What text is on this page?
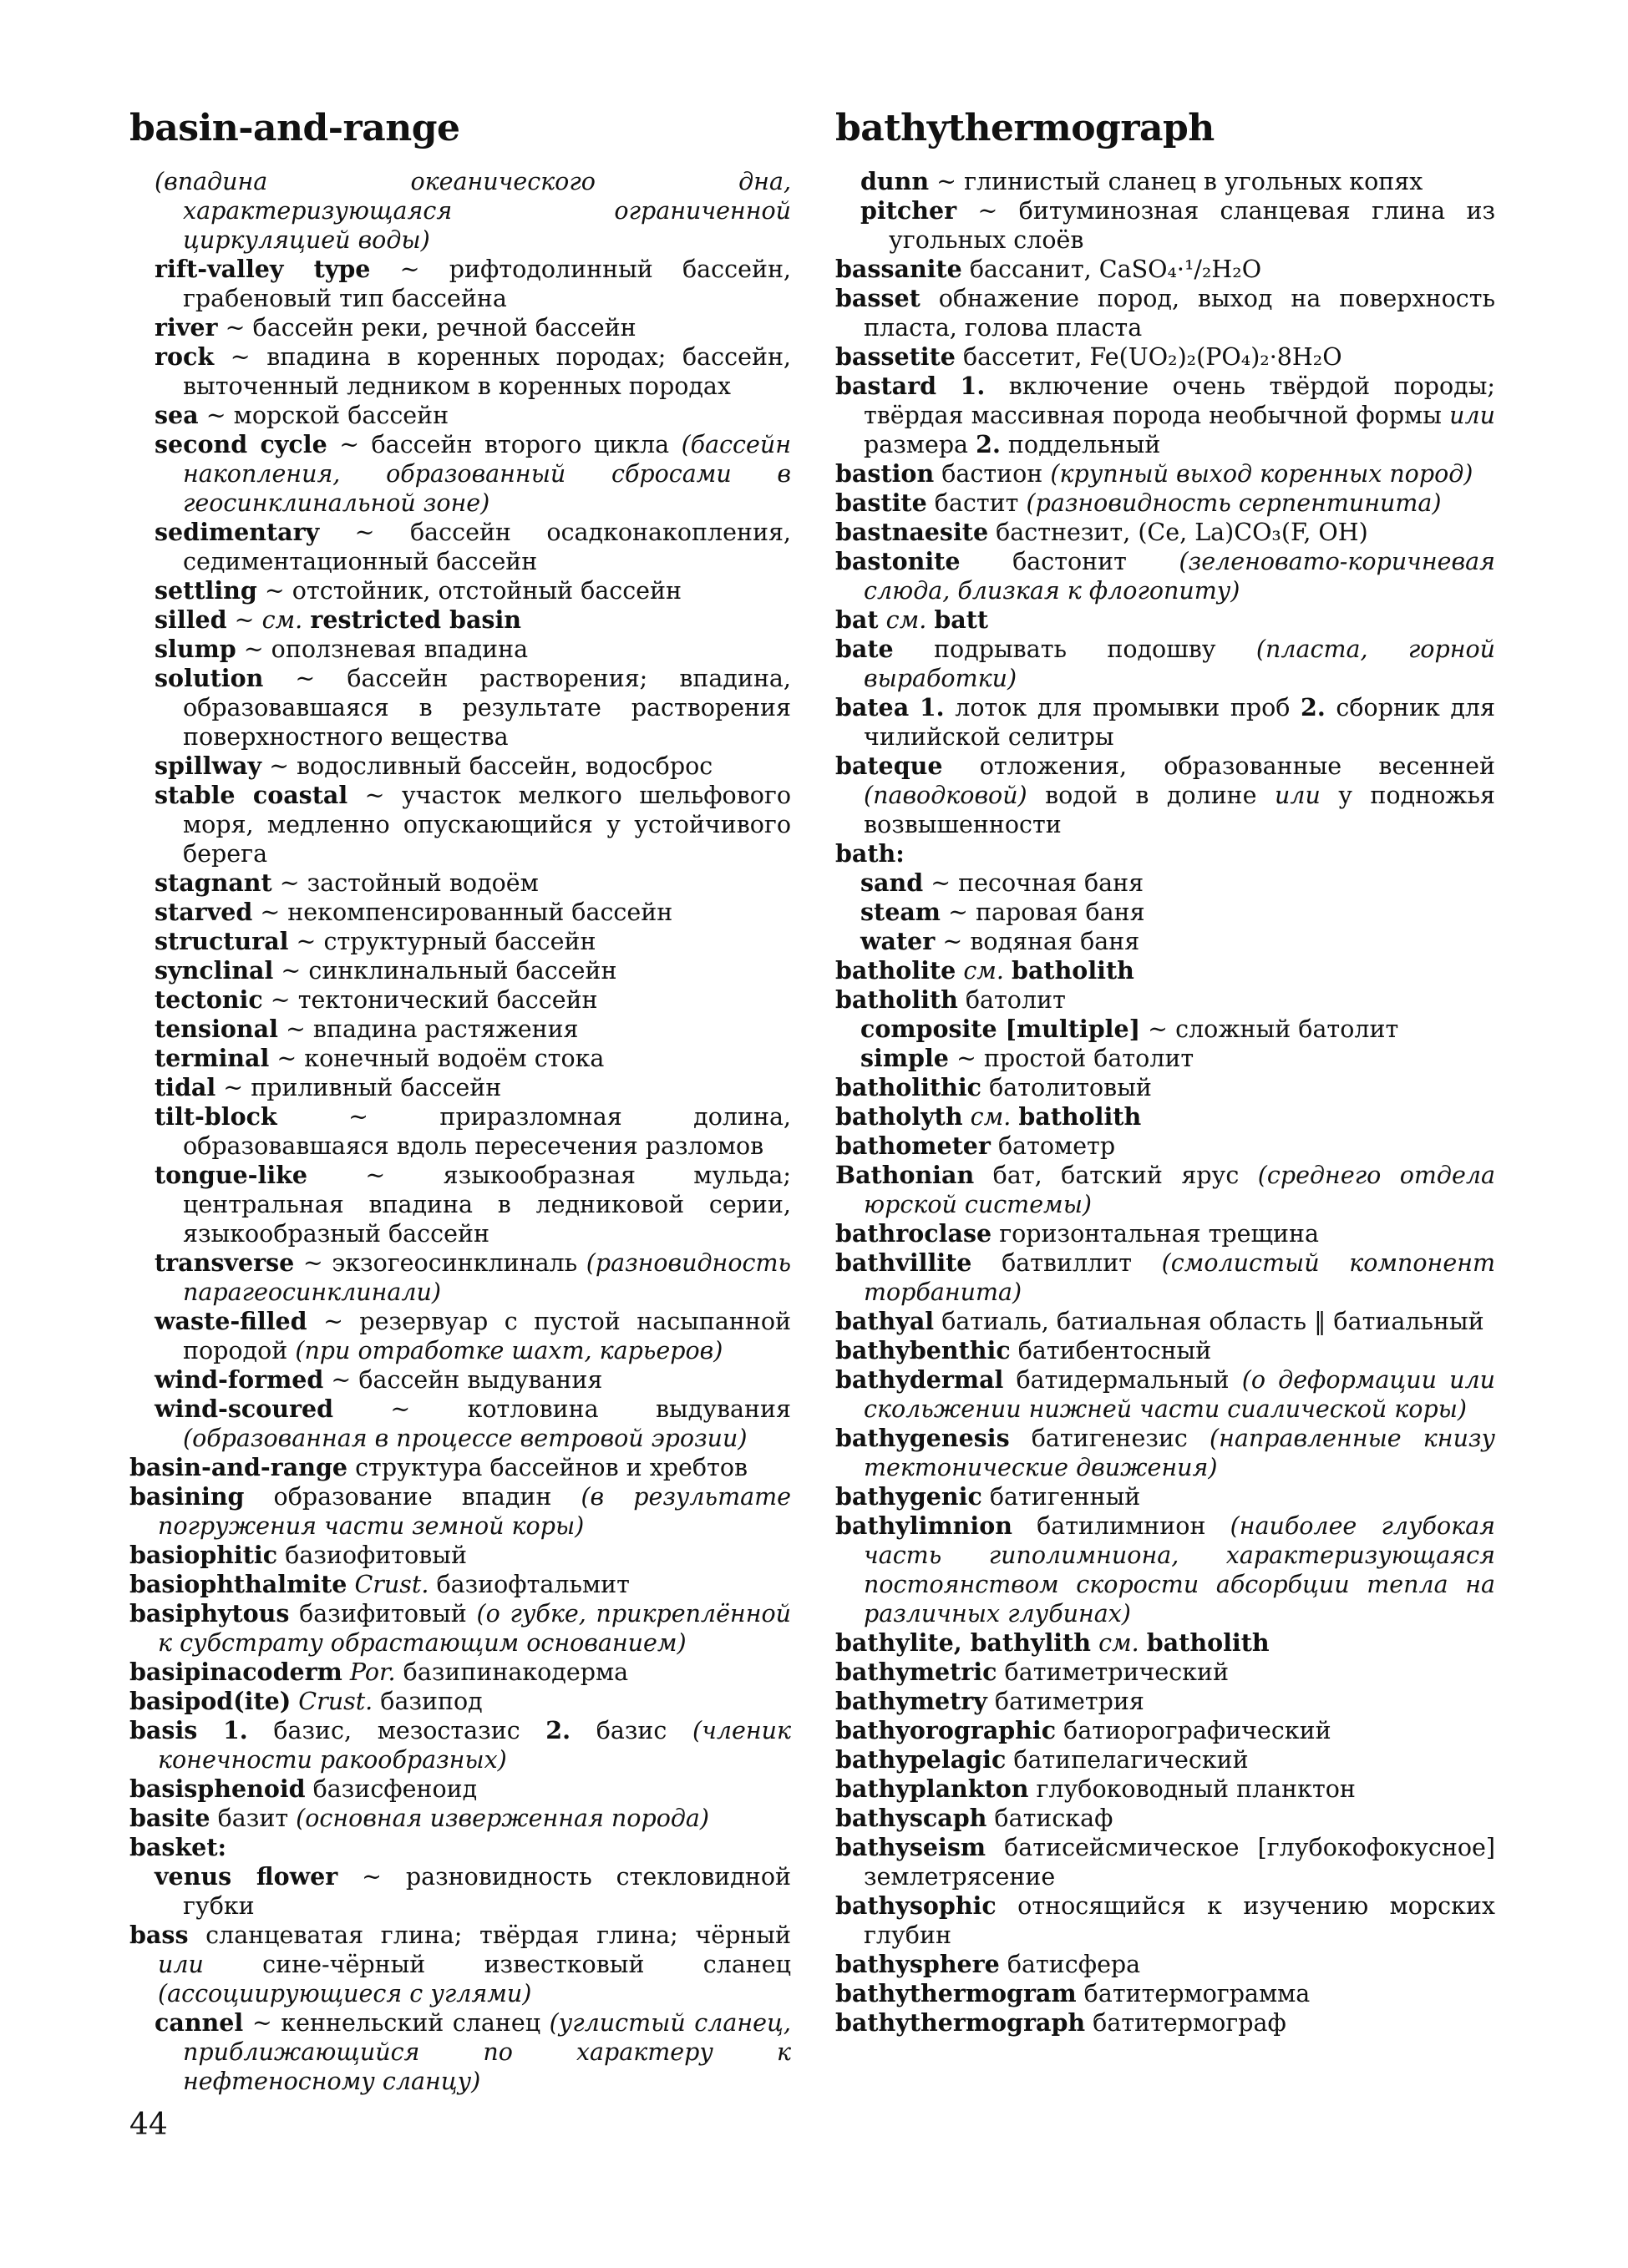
basin-and-range
(впадина океанического дна, характеризующаяся ограниченной циркуляцией воды)
rift-valley type ~ рифтодолинный бассейн, грабеновый тип бассейна
river ~ бассейн реки, речной бассейн
rock ~ впадина в коренных породах; бассейн, выточенный ледником в коренных породах
sea ~ морской бассейн
second cycle ~ бассейн второго цикла (бассейн накопления, образованный сбросами в геосинклинальной зоне)
sedimentary ~ бассейн осадконакопления, седиментационный бассейн
settling ~ отстойник, отстойный бассейн
silled ~ см. restricted basin
slump ~ оползневая впадина
solution ~ бассейн растворения; впадина, образовавшаяся в результате растворения поверхностного вещества
spillway ~ водосливный бассейн, водосброс
stable coastal ~ участок мелкого шельфового моря, медленно опускающийся у устойчивого берега
stagnant ~ застойный водоём
starved ~ некомпенсированный бассейн
structural ~ структурный бассейн
synclinal ~ синклинальный бассейн
tectonic ~ тектонический бассейн
tensional ~ впадина растяжения
terminal ~ конечный водоём стока
tidal ~ приливный бассейн
tilt-block ~ приразломная долина, образовавшаяся вдоль пересечения разломов
tongue-like ~ языкообразная мульда; центральная впадина в ледниковой серии, языкообразный бассейн
transverse ~ экзогеосинклиналь (разновидность парагеосинклинали)
waste-filled ~ резервуар с пустой насыпанной породой (при отработке шахт, карьеров)
wind-formed ~ бассейн выдувания
wind-scoured ~ котловина выдувания (образованная в процессе ветровой эрозии)
basin-and-range структура бассейнов и хребтов
basining образование впадин (в результате погружения части земной коры)
basiophitic базиофитовый
basiophthalmite Crust. базиофтальмит
basiphytous базифитовый (о губке, прикреплённой к субстрату обрастающим основанием)
basipinacoderm Por. базипинакодерма
basipod(ite) Crust. базипод
basis 1. базис, мезостазис 2. базис (членик конечности ракообразных)
basisphenoid базисфеноид
basite базит (основная изверженная порода)
basket:
venus flower ~ разновидность стекловидной губки
bass сланцеватая глина; твёрдая глина; чёрный или сине-чёрный известковый сланец (ассоциирующиеся с углями)
cannel ~ кеннельский сланец (углистый сланец, приближающийся по характеру к нефтеносному сланцу)
bathythermograph
dunn ~ глинистый сланец в угольных копях
pitcher ~ битуминозная сланцевая глина из угольных слоёв
bassanite бассанит, CaSO₄·¹/₂H₂O
basset обнажение пород, выход на поверхность пласта, голова пласта
bassetite бассетит, Fe(UO₂)₂(PO₄)₂·8H₂O
bastard 1. включение очень твёрдой породы; твёрдая массивная порода необычной формы или размера 2. поддельный
bastion бастион (крупный выход коренных пород)
bastite бастит (разновидность серпентинита)
bastnaesite бастнезит, (Ce, La)CO₃(F, OH)
bastonite бастонит (зеленовато-коричневая слюда, близкая к флогопиту)
bat см. batt
bate подрывать подошву (пласта, горной выработки)
batea 1. лоток для промывки проб 2. сборник для чилийской селитры
bateque отложения, образованные весенней (паводковой) водой в долине или у подножья возвышенности
bath:
sand ~ песочная баня
steam ~ паровая баня
water ~ водяная баня
batholite см. batholith
batholith батолит
composite [multiple] ~ сложный батолит
simple ~ простой батолит
batholithic батолитовый
batholyth см. batholith
bathometer батометр
Bathonian бат, батский ярус (среднего отдела юрской системы)
bathroclase горизонтальная трещина
bathvillite батвиллит (смолистый компонент торбанита)
bathyal батиаль, батиальная область ‖ батиальный
bathybenthic батибентосный
bathydermal батидермальный (о деформации или скольжении нижней части сиалической коры)
bathygenesis батигенезис (направленные книзу тектонические движения)
bathygenic батигенный
bathylimnion батилимнион (наиболее глубокая часть гиполимниона, характеризующаяся постоянством скорости абсорбции тепла на различных глубинах)
bathylite, bathylith см. batholith
bathymetric батиметрический
bathymetry батиметрия
bathyorographic батиорографический
bathypelagic батипелагический
bathyplankton глубоководный планктон
bathyscaph батискаф
bathyseism батисейсмическое [глубокофокусное] землетрясение
bathysophic относящийся к изучению морских глубин
bathysphere батисфера
bathythermogram батитермограмма
bathythermograph батитермограф
44
